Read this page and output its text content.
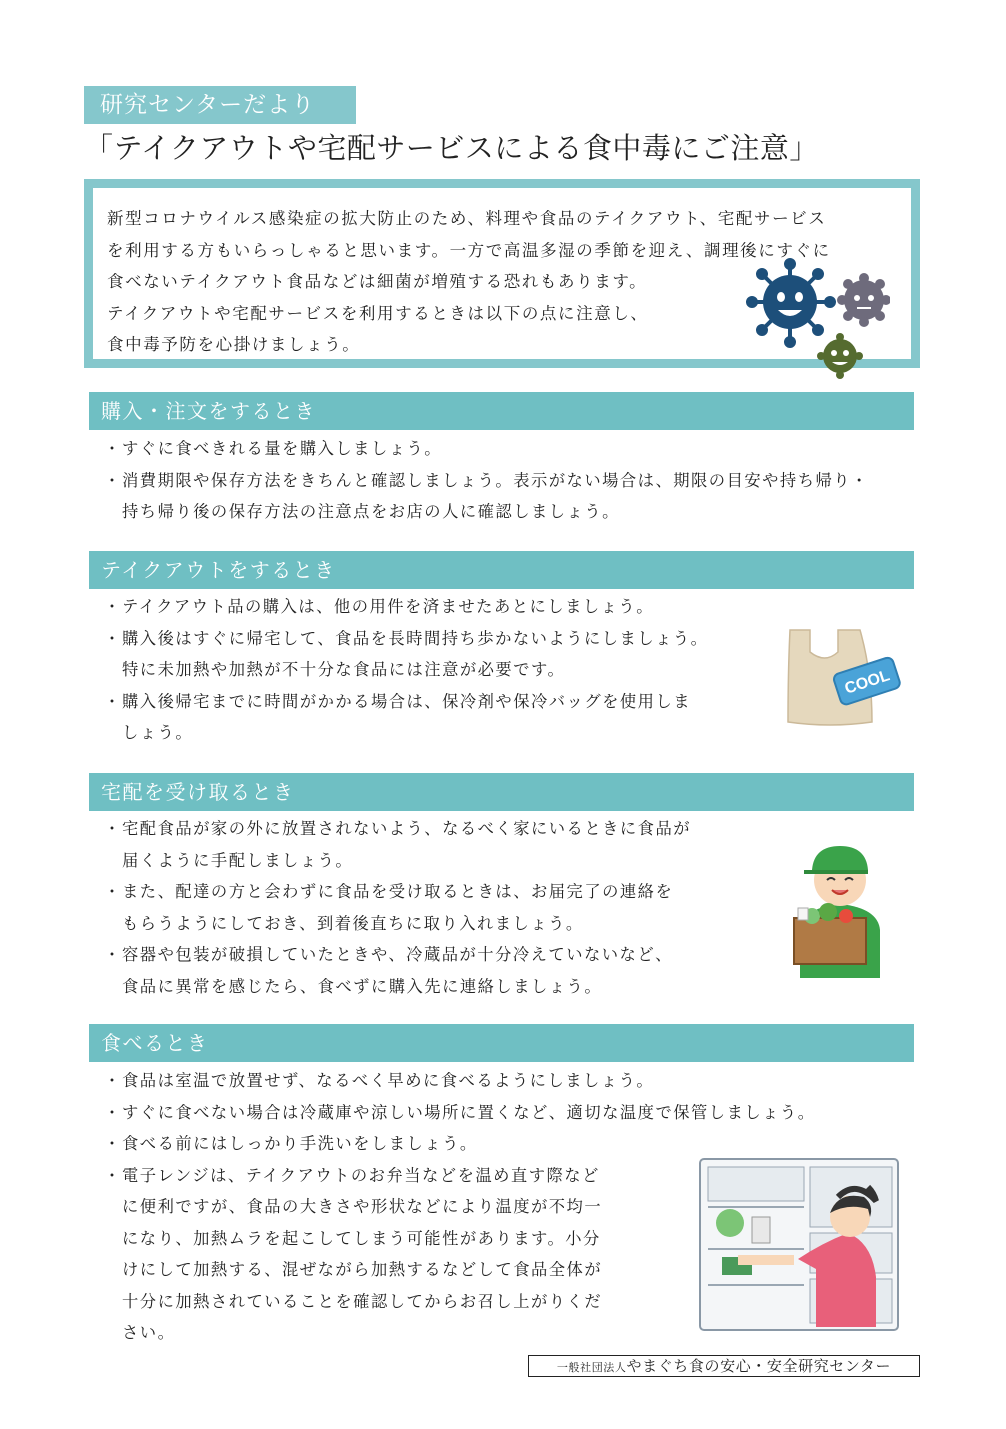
研究センターだより
「テイクアウトや宅配サービスによる食中毒にご注意」
新型コロナウイルス感染症の拡大防止のため、料理や食品のテイクアウト、宅配サービス
を利用する方もいらっしゃると思います。一方で高温多湿の季節を迎え、調理後にすぐに
食べないテイクアウト食品などは細菌が増殖する恐れもあります。
テイクアウトや宅配サービスを利用するときは以下の点に注意し、
食中毒予防を心掛けましょう。
購入・注文をするとき
・ すぐに食べきれる量を購入しましょう。
・ 消費期限や保存方法をきちんと確認しましょう。表示がない場合は、期限の目安や持ち帰り・
持ち帰り後の保存方法の注意点をお店の人に確認しましょう。
テイクアウトをするとき
・ テイクアウト品の購入は、他の用件を済ませたあとにしましょう。
・ 購入後はすぐに帰宅して、食品を長時間持ち歩かないようにしましょう。
特に未加熱や加熱が不十分な食品には注意が必要です。
・ 購入後帰宅までに時間がかかる場合は、保冷剤や保冷バッグを使用しま
しょう。
COOL
宅配を受け取るとき
・ 宅配食品が家の外に放置されないよう、なるべく家にいるときに食品が
届くように手配しましょう。
・ また、配達の方と会わずに食品を受け取るときは、お届完了の連絡を
もらうようにしておき、到着後直ちに取り入れましょう。
・ 容器や包装が破損していたときや、冷蔵品が十分冷えていないなど、
食品に異常を感じたら、食べずに購入先に連絡しましょう。
食べるとき
・ 食品は室温で放置せず、なるべく早めに食べるようにしましょう。
・ すぐに食べない場合は冷蔵庫や涼しい場所に置くなど、適切な温度で保管しましょう。
・ 食べる前にはしっかり手洗いをしましょう。
・ 電子レンジは、テイクアウトのお弁当などを温め直す際など
に便利ですが、食品の大きさや形状などにより温度が不均一
になり、加熱ムラを起こしてしまう可能性があります。小分
けにして加熱する、混ぜながら加熱するなどして食品全体が
十分に加熱されていることを確認してからお召し上がりくだ
さい。
一般社団法人やまぐち食の安心・安全研究センター
